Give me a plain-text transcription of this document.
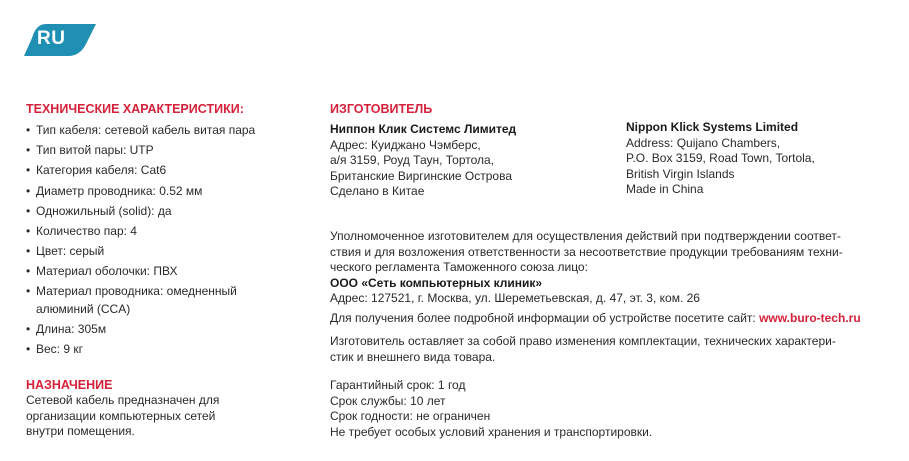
RU
ТЕХНИЧЕСКИЕ ХАРАКТЕРИСТИКИ:
• Тип кабеля: сетевой кабель витая пара
• Тип витой пары: UTP
• Категория кабеля: Cat6
• Диаметр проводника: 0.52 мм
• Одножильный (solid): да
• Количество пар: 4
• Цвет: серый
• Материал оболочки: ПВХ
• Материал проводника: омедненный алюминий (CCA)
• Длина: 305м
• Вес: 9 кг
НАЗНАЧЕНИЕ

Сетевой кабель предназначен для

организации компьютерных сетей

внутри помещения.

ИЗГОТОВИТЕЛЬ
Ниппон Клик Системс Лимитед
Адрес: Куиджано Чэмберс,
а/я 3159, Роуд Таун, Тортола,
Британские Виргинские Острова
Сделано в Китае
Nippon Klick Systems Limited
Address: Quijano Chambers,
P.O. Box 3159, Road Town, Tortola,
British Virgin Islands
Made in China

Уполномоченное изготовителем для осуществления действий при подтверждении соответ-

ствия и для возложения ответственности за несоответствие продукции требованиям техни-

ческого регламента Таможенного союза лицо:

ООО «Сеть компьютерных клиник»

Адрес: 127521, г. Москва, ул. Шереметьевская, д. 47, эт. 3, ком. 26

Для получения более подробной информации об устройстве посетите сайт: www.buro-tech.ru
Изготовитель оставляет за собой право изменения комплектации, технических характери-
стик и внешнего вида товара.
Гарантийный срок: 1 год
Срок службы: 10 лет
Срок годности: не ограничен
Не требует особых условий хранения и транспортировки.
